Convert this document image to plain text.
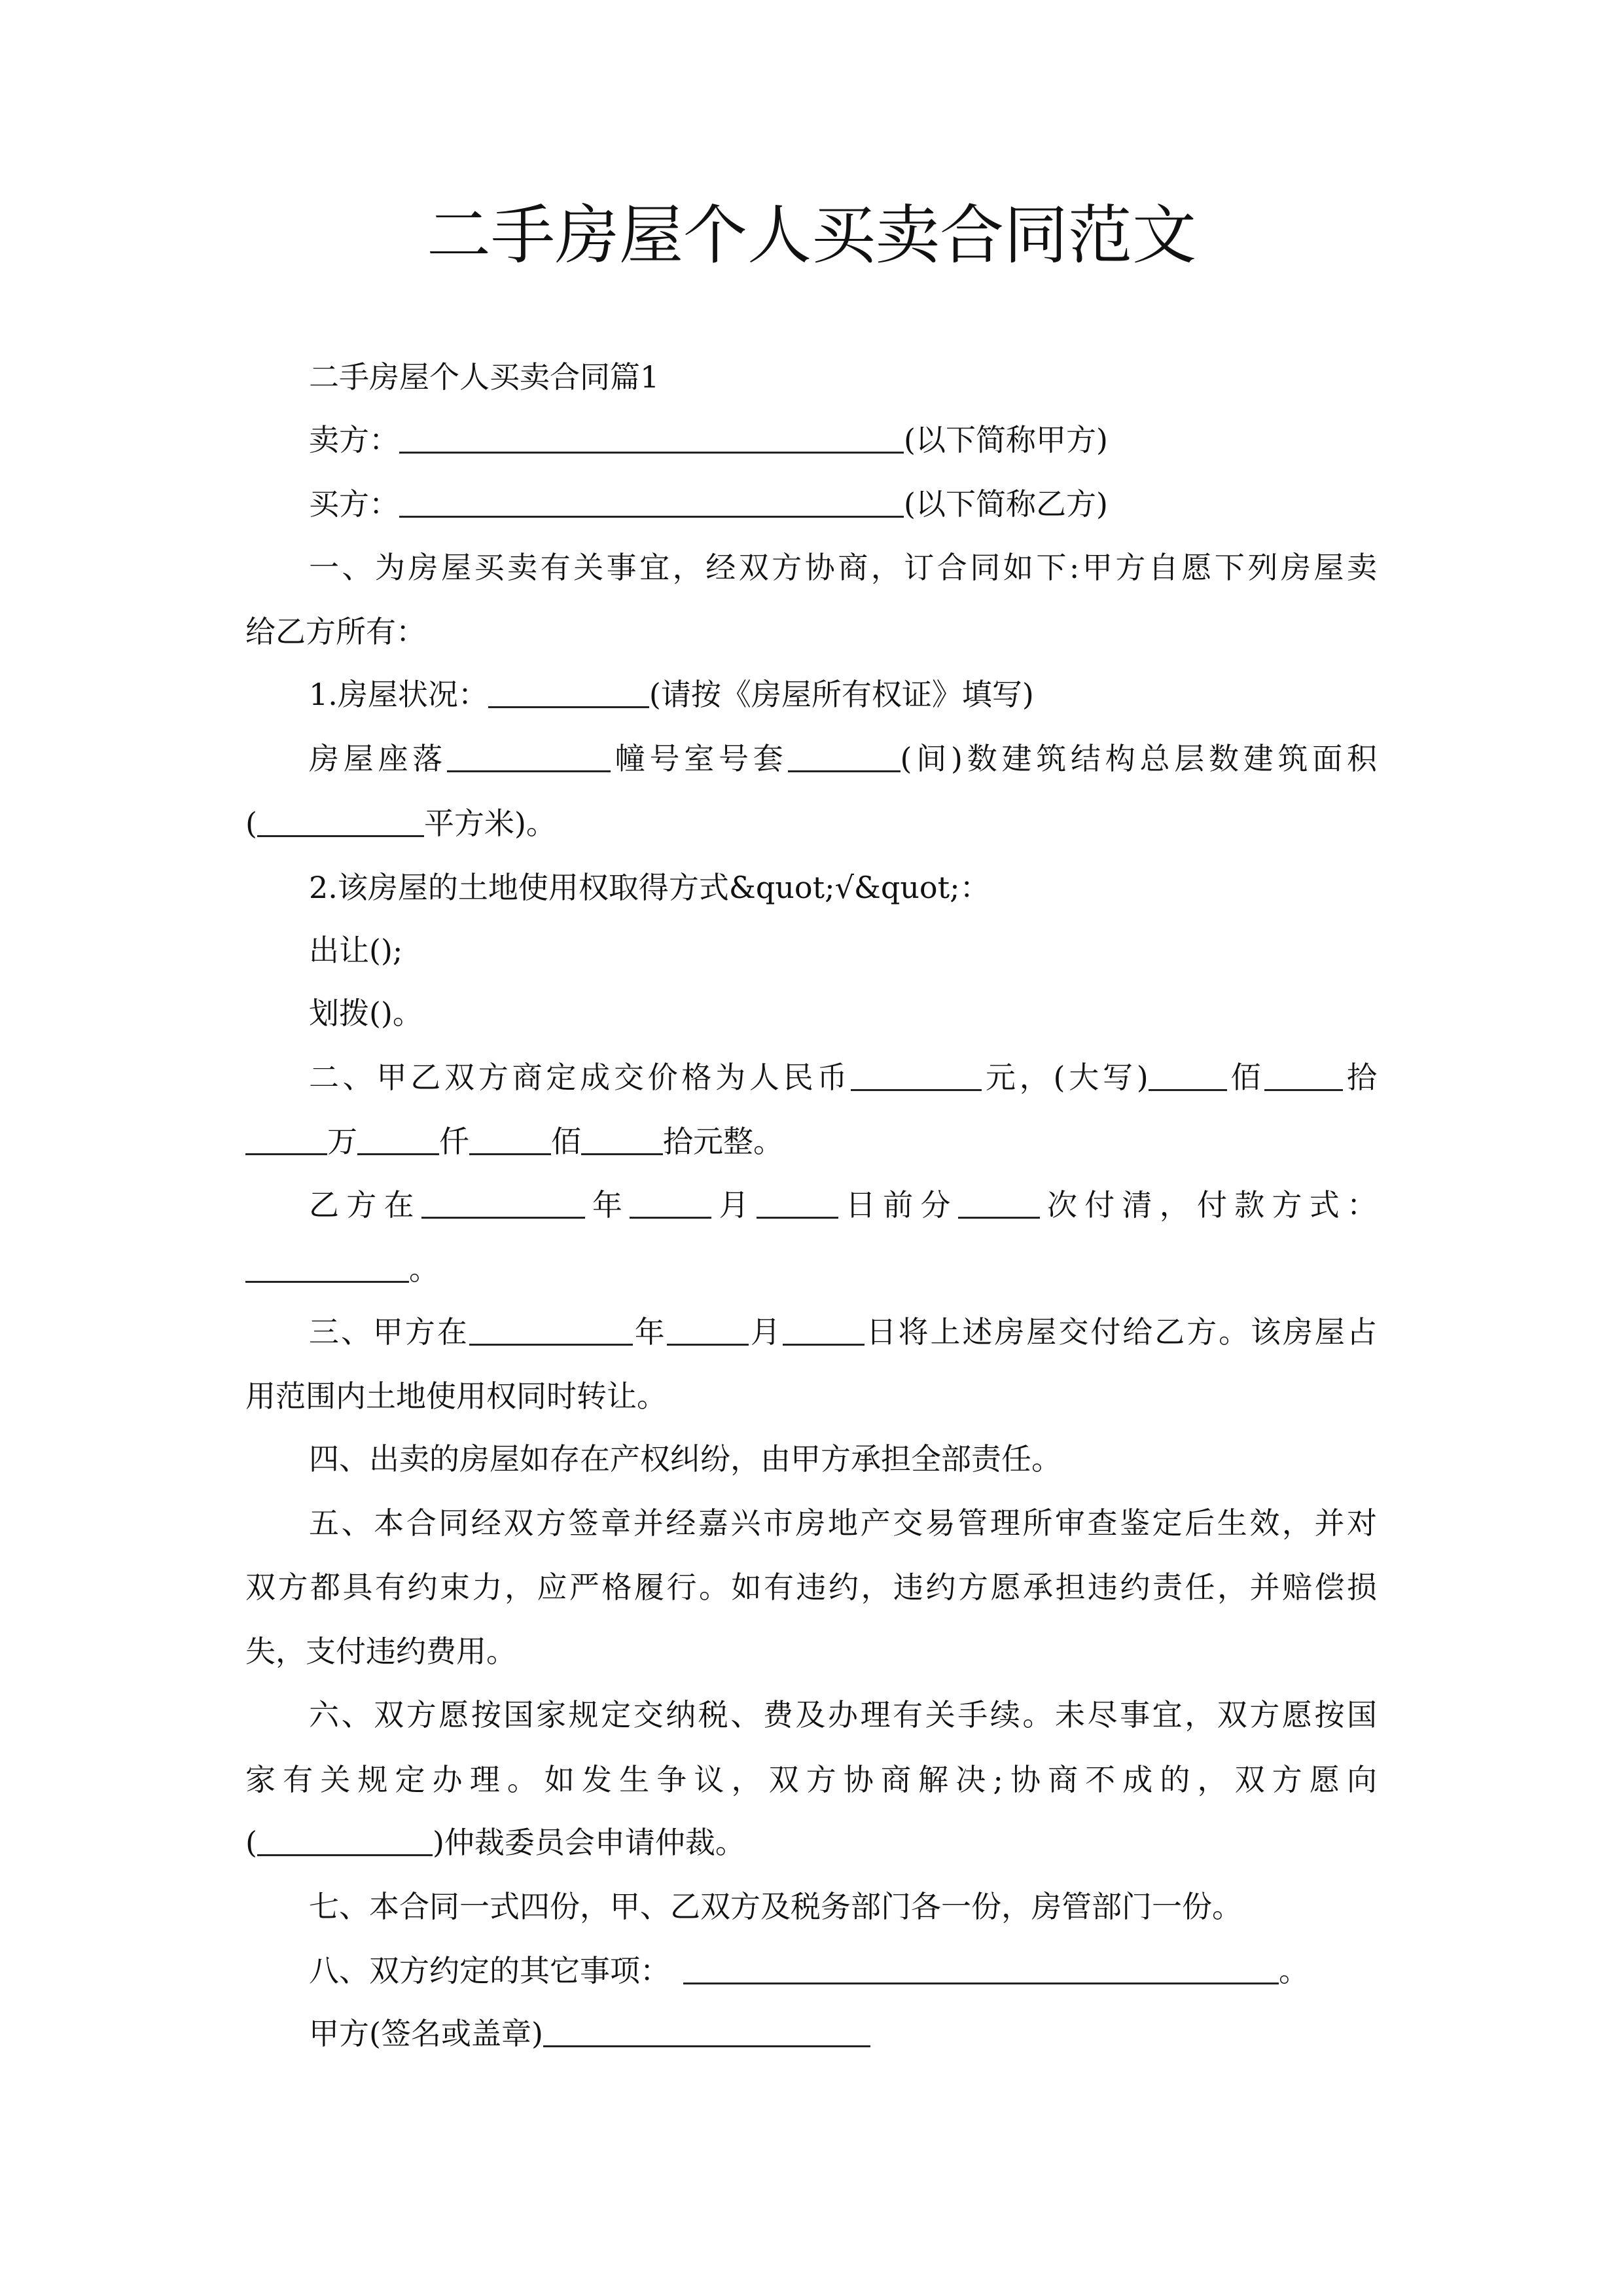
二手房屋个人买卖合同范文
二手房屋个人买卖合同篇1
卖方：	(以下简称甲方)
买方：	(以下简称乙方)
一、为房屋买卖有关事宜，经双方协商，订合同如下:甲方自愿下列房屋卖
给乙方所有：
1.房屋状况：	(请按《房屋所有权证》填写)
房屋座落	幢号室号套	(间)数建筑结构总层数建筑面积
(	平方米)。
2.该房屋的土地使用权取得方式&quot;√&quot;：
出让();
划拨()。
二、甲乙双方商定成交价格为人民币	元，(大写)	佰	拾
万	仟	佰	拾元整。
乙方在	年	月	日前分	次付清，付款方式：
。
三、甲方在	年	月	日将上述房屋交付给乙方。该房屋占
用范围内土地使用权同时转让。
四、出卖的房屋如存在产权纠纷，由甲方承担全部责任。
五、本合同经双方签章并经嘉兴市房地产交易管理所审查鉴定后生效，并对
双方都具有约束力，应严格履行。如有违约，违约方愿承担违约责任，并赔偿损
失，支付违约费用。
六、双方愿按国家规定交纳税、费及办理有关手续。未尽事宜，双方愿按国
家有关规定办理。如发生争议，双方协商解决;协商不成的，双方愿向
(	)仲裁委员会申请仲裁。
七、本合同一式四份，甲、乙双方及税务部门各一份，房管部门一份。
八、双方约定的其它事项：	。
甲方(签名或盖章)
